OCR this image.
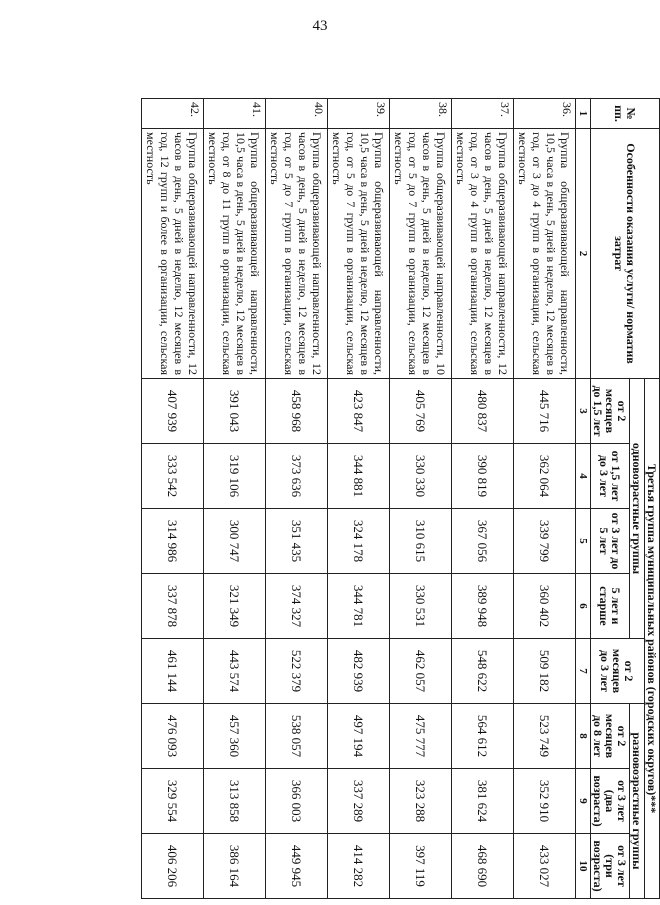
43
№ пп.	Особенности оказания услуги/ норматив затрат	Третья группа муниципальных районов (городских округов)***							
		одновозрастные группы				от 2 месяцев до 3 лет	разновозрастные группы		
		от 2 месяцев до 1,5 лет	от 1,5 лет до 3 лет	от 3 лет до 5 лет	5 лет и старше		от 2 месяцев до 8 лет	от 3 лет (два возраста)	от 3 лет (три возраста)
1	2	3	4	5	6	7	8	9	10
36.	Группа общеразвивающей направленности, 10,5 часа в день, 5 дней в неделю, 12 месяцев в год, от 3 до 4 групп в организации, сельская местность	445 716	362 064	339 799	360 402	509 182	523 749	352 910	433 027
37.	Группа общеразвивающей направленности, 12 часов в день, 5 дней в неделю, 12 месяцев в год, от 3 до 4 групп в организации, сельская местность	480 837	390 819	367 056	389 948	548 622	564 612	381 624	468 690
38.	Группа общеразвивающей направленности, 10 часов в день, 5 дней в неделю, 12 месяцев в год, от 5 до 7 групп в организации, сельская местность	405 769	330 330	310 615	330 531	462 057	475 777	323 288	397 119
39.	Группа общеразвивающей направленности, 10,5 часа в день, 5 дней в неделю, 12 месяцев в год, от 5 до 7 групп в организации, сельская местность	423 847	344 881	324 178	344 781	482 939	497 194	337 289	414 282
40.	Группа общеразвивающей направленности, 12 часов в день, 5 дней в неделю, 12 месяцев в год, от 5 до 7 групп в организации, сельская местность	458 968	373 636	351 435	374 327	522 379	538 057	366 003	449 945
41.	Группа общеразвивающей направленности, 10,5 часа в день, 5 дней в неделю, 12 месяцев в год, от 8 до 11 групп в организации, сельская местность	391 043	319 106	300 747	321 349	443 574	457 360	313 858	386 164
42.	Группа общеразвивающей направленности, 12 часов в день, 5 дней в неделю, 12 месяцев в год, 12 групп и более в организации, сельская местность	407 939	333 542	314 986	337 878	461 144	476 093	329 554	406 206
